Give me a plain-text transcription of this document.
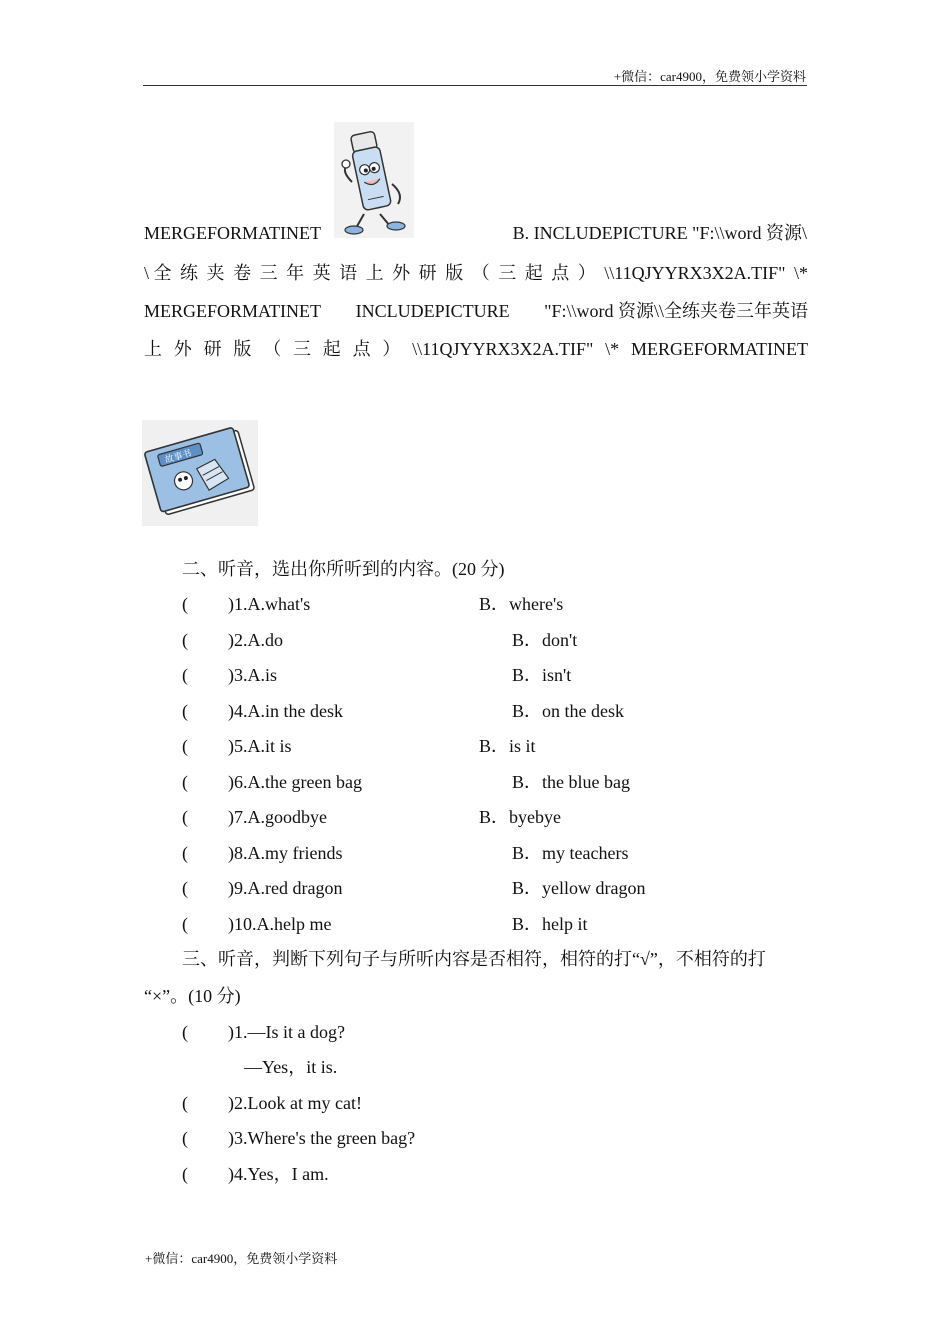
+微信：car4900，免费领小学资料
MERGEFORMATINET	B. INCLUDEPICTURE "F:\\word 资源\
\ 全 练 夹 卷 三 年 英 语 上 外 研 版 （ 三 起 点 ） \\11QJYYRX3X2A.TIF" \*
MERGEFORMATINET INCLUDEPICTURE "F:\\word 资源\\全练夹卷三年英语
上 外 研 版 （ 三 起 点 ） \\11QJYYRX3X2A.TIF" \* MERGEFORMATINET
故事书
二、听音，选出你所听到的内容。(20 分)
( )1.A.what's	B．where's
( )2.A.do	B．don't
( )3.A.is	B．isn't
( )4.A.in the desk	B．on the desk
( )5.A.it is	B．is it
( )6.A.the green bag	B．the blue bag
( )7.A.goodbye	B．byebye
( )8.A.my friends	B．my teachers
( )9.A.red dragon	B．yellow dragon
( )10.A.help me	B．help it
三、听音，判断下列句子与所听内容是否相符，相符的打“√”，不相符的打
“×”。(10 分)
( )1.—Is it a dog?
—Yes，it is.
( )2.Look at my cat!
( )3.Where's the green bag?
( )4.Yes，I am.
+微信：car4900，免费领小学资料
